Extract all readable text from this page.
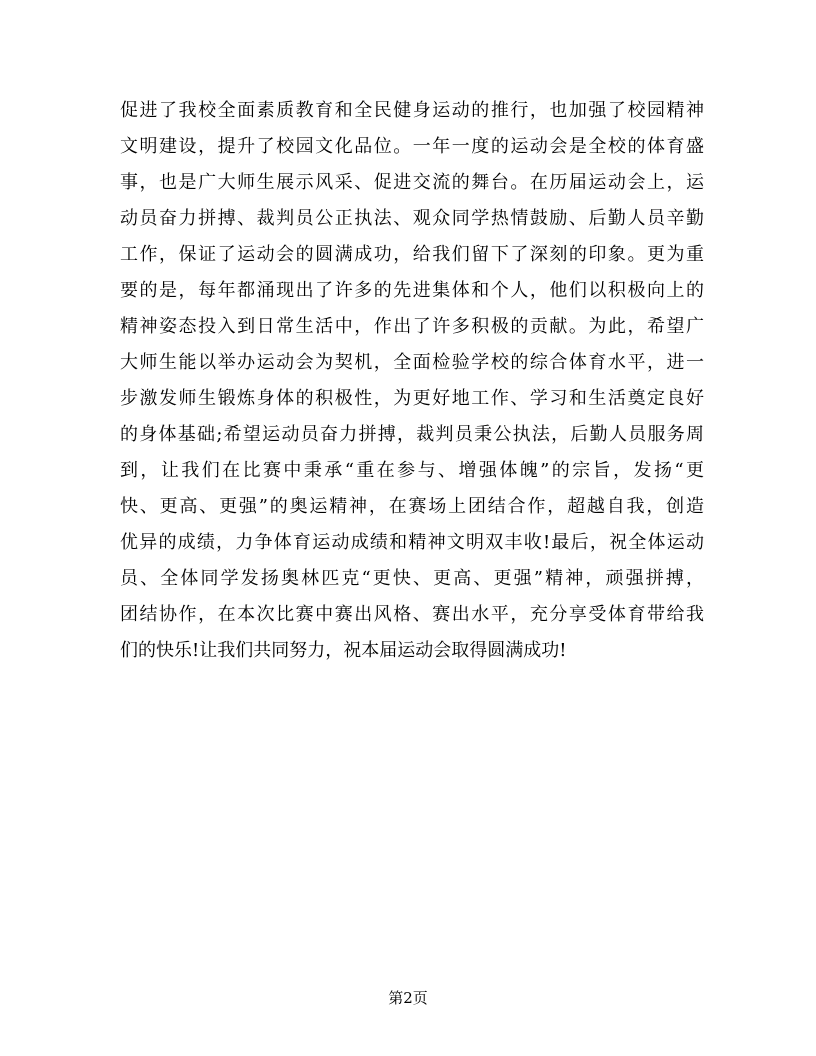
促进了我校全面素质教育和全民健身运动的推行，也加强了校园精神
文明建设，提升了校园文化品位。一年一度的运动会是全校的体育盛
事，也是广大师生展示风采、促进交流的舞台。在历届运动会上，运
动员奋力拼搏、裁判员公正执法、观众同学热情鼓励、后勤人员辛勤
工作，保证了运动会的圆满成功，给我们留下了深刻的印象。更为重
要的是，每年都涌现出了许多的先进集体和个人，他们以积极向上的
精神姿态投入到日常生活中，作出了许多积极的贡献。为此，希望广
大师生能以举办运动会为契机，全面检验学校的综合体育水平，进一
步激发师生锻炼身体的积极性，为更好地工作、学习和生活奠定良好
的身体基础;希望运动员奋力拼搏，裁判员秉公执法，后勤人员服务周
到，让我们在比赛中秉承“重在参与、增强体魄”的宗旨，发扬“更
快、更高、更强”的奥运精神，在赛场上团结合作，超越自我，创造
优异的成绩，力争体育运动成绩和精神文明双丰收!最后，祝全体运动
员、全体同学发扬奥林匹克“更快、更高、更强”精神，顽强拼搏，
团结协作，在本次比赛中赛出风格、赛出水平，充分享受体育带给我
们的快乐!让我们共同努力，祝本届运动会取得圆满成功!
第2页
